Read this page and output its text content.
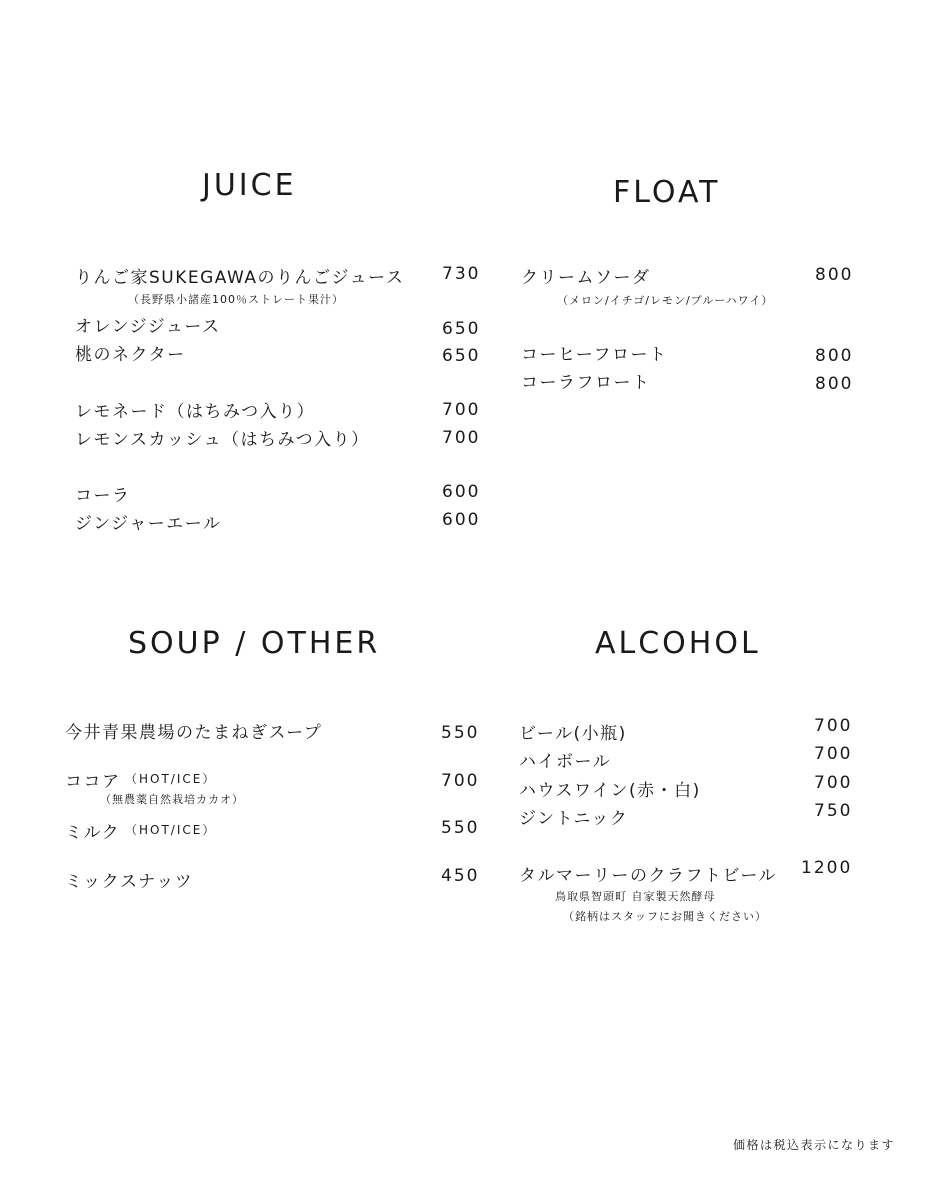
JUICE
りんご家SUKEGAWAのりんごジュース 730
（長野県小諸産100％ストレート果汁）
オレンジジュース	650
桃のネクター	650
レモネード（はちみつ入り）	700
レモンスカッシュ（はちみつ入り）	700
コーラ	600
ジンジャーエール	600
FLOAT
クリームソーダ	800
（メロン/イチゴ/レモン/ブルーハワイ）
コーヒーフロート	800
コーラフロート	800
SOUP / OTHER
今井青果農場のたまねぎスープ	550
ココア （HOT/ICE）	700
（無農薬自然栽培カカオ）
ミルク （HOT/ICE）	550
ミックスナッツ	450
ALCOHOL
ビール(小瓶)	700
ハイボール	700
ハウスワイン(赤・白)	700
ジントニック	750
タルマーリーのクラフトビール 1200
鳥取県智頭町 自家製天然酵母
（銘柄はスタッフにお聞きください）
価格は税込表示になります
